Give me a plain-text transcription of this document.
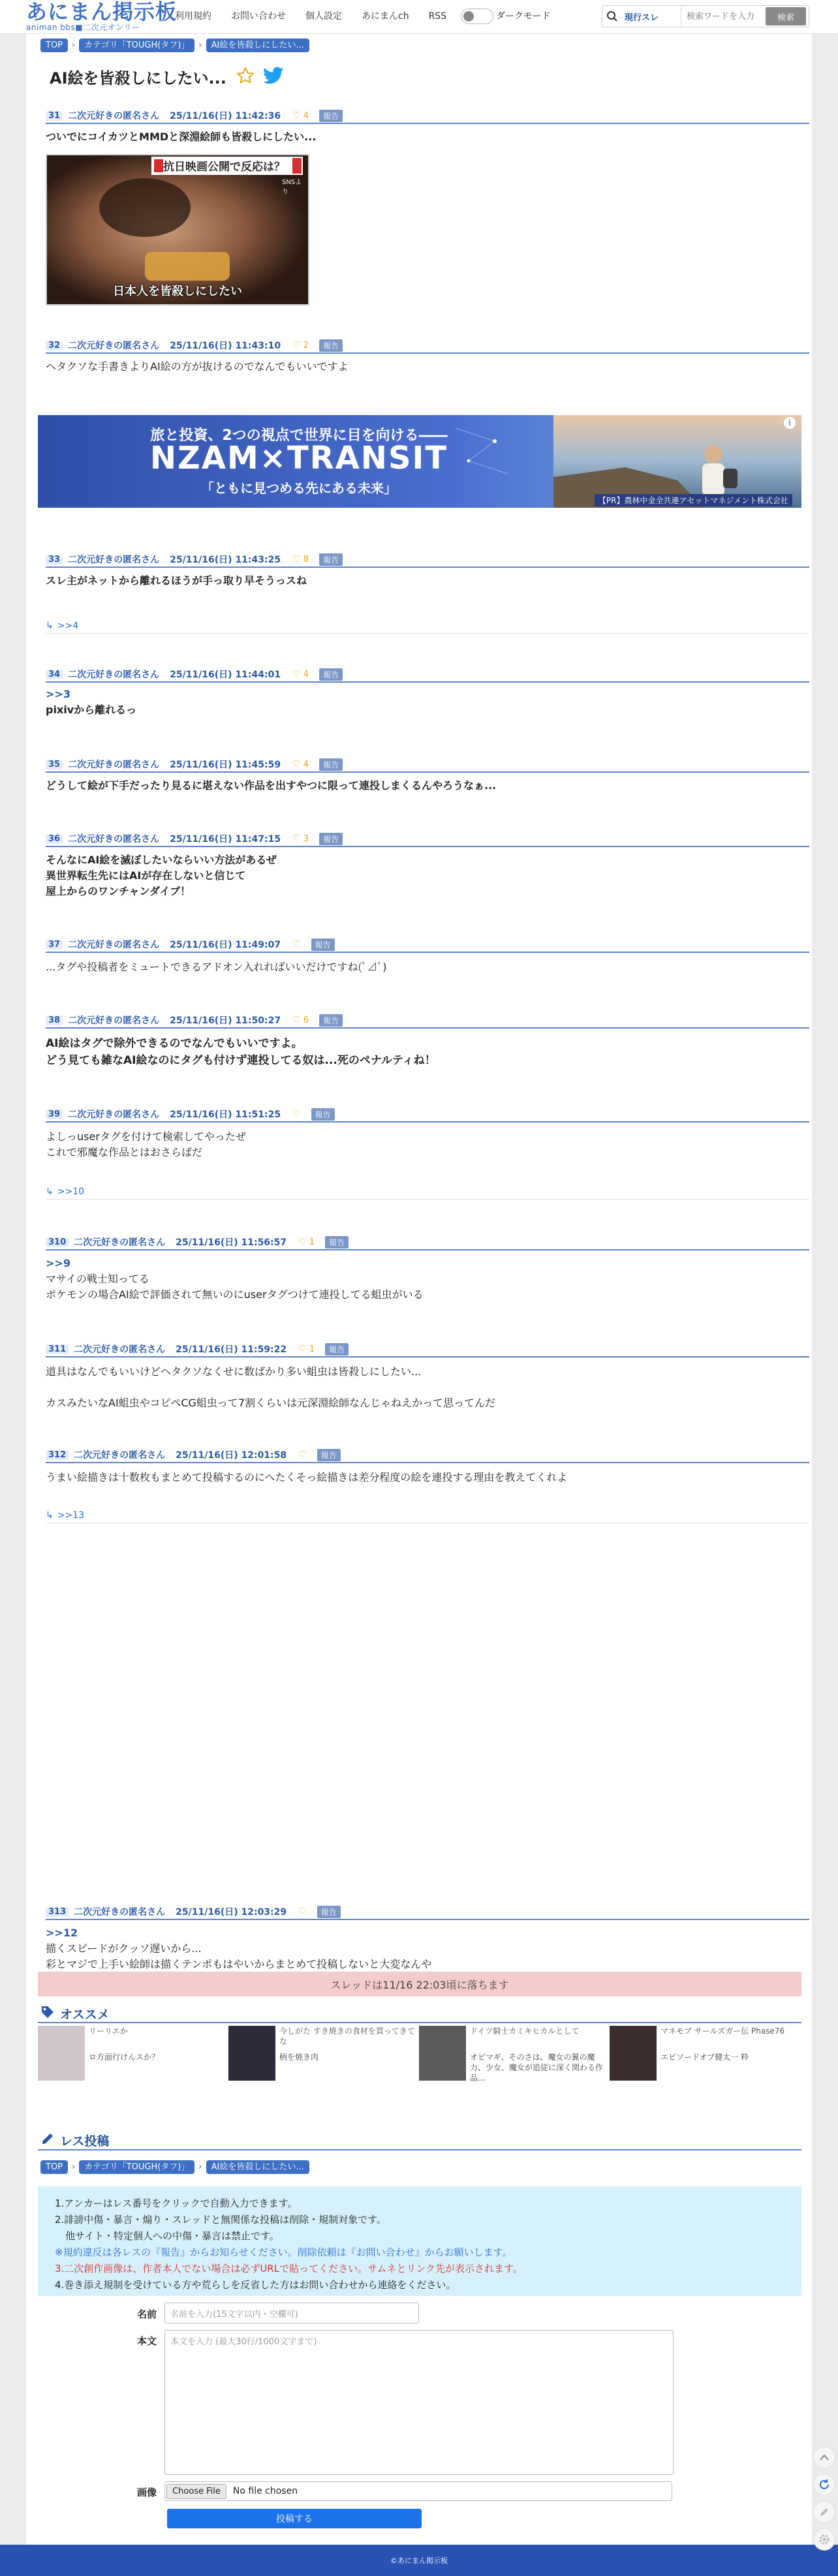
あにまん掲示板
animan bbs■二次元オンリー
利用規約 お問い合わせ 個人設定 あにまんch RSS	ダークモード	現行スレ
検索ワードを入力	検索
TOP	›	カテゴリ「TOUGH(タフ)」	›	AI絵を皆殺しにしたい...
AI絵を皆殺しにしたい...
31 二次元好きの匿名さん 25/11/16(日) 11:42:36 ♡ 4	報告
ついでにコイカツとMMDと深淵絵師も皆殺しにしたい...
抗日映画公開で反応は？
SNSより
日本人を皆殺しにしたい
32 二次元好きの匿名さん 25/11/16(日) 11:43:10 ♡ 2	報告
ヘタクソな手書きよりAI絵の方が抜けるのでなんでもいいですよ
i
旅と投資、2つの視点で世界に目を向ける――
NZAM×TRANSIT
「ともに見つめる先にある未来」
【PR】農林中金全共連アセットマネジメント株式会社
33 二次元好きの匿名さん 25/11/16(日) 11:43:25 ♡ 8	報告
スレ主がネットから離れるほうが手っ取り早そうっスね
↳ >>4
34 二次元好きの匿名さん 25/11/16(日) 11:44:01 ♡ 4	報告
>>3
pixivから離れるっ
35 二次元好きの匿名さん 25/11/16(日) 11:45:59 ♡ 4	報告
どうして絵が下手だったり見るに堪えない作品を出すやつに限って連投しまくるんやろうなぁ...
36 二次元好きの匿名さん 25/11/16(日) 11:47:15 ♡ 3	報告
そんなにAI絵を滅ぼしたいならいい方法があるぜ
異世界転生先にはAIが存在しないと信じて
屋上からのワンチャンダイブ！
37 二次元好きの匿名さん 25/11/16(日) 11:49:07 ♡	報告
...タグや投稿者をミュートできるアドオン入れればいいだけですね(ﾟ⊿ﾟ)
38 二次元好きの匿名さん 25/11/16(日) 11:50:27 ♡ 6	報告
AI絵はタグで除外できるのでなんでもいいですよ。
どう見ても雑なAI絵なのにタグも付けず連投してる奴は...死のペナルティね！
39 二次元好きの匿名さん 25/11/16(日) 11:51:25 ♡	報告
よしっuserタグを付けて検索してやったぜ
これで邪魔な作品とはおさらばだ
↳ >>10
310 二次元好きの匿名さん 25/11/16(日) 11:56:57 ♡ 1	報告
>>9
マサイの戦士知ってる
ポケモンの場合AI絵で評価されて無いのにuserタグつけて連投してる蛆虫がいる
311 二次元好きの匿名さん 25/11/16(日) 11:59:22 ♡ 1	報告
道具はなんでもいいけどヘタクソなくせに数ばかり多い蛆虫は皆殺しにしたい...
カスみたいなAI蛆虫やコピペCG蛆虫って7割くらいは元深淵絵師なんじゃねえかって思ってんだ
312 二次元好きの匿名さん 25/11/16(日) 12:01:58 ♡	報告
うまい絵描きは十数枚もまとめて投稿するのにへたくそっ絵描きは差分程度の絵を連投する理由を教えてくれよ
↳ >>13
313 二次元好きの匿名さん 25/11/16(日) 12:03:29 ♡	報告
>>12
描くスピードがクッソ遅いから...
彩とマジで上手い絵師は描くテンポもはやいからまとめて投稿しないと大変なんや
スレッドは11/16 22:03頃に落ちます
オススメ
リーリエか
ロ方面行けんスか？
今しがた すき焼きの食材を買ってきてな
柄を焼き肉
ドイツ騎士カミキヒカルとして
オビマギ、そのさは、魔女の翼の魔力、少女、魔女が追従に深く関わる作品...
マネモブ サールズガー伝 Phase76
エピソードオブ健太一 粋
レス投稿
TOP	›	カテゴリ「TOUGH(タフ)」	›	AI絵を皆殺しにしたい...
1.アンカーはレス番号をクリックで自動入力できます。
2.誹謗中傷・暴言・煽り・スレッドと無関係な投稿は削除・規制対象です。
他サイト・特定個人への中傷・暴言は禁止です。
※規約違反は各レスの『報告』からお知らせください。削除依頼は『お問い合わせ』からお願いします。
3.二次創作画像は、作者本人でない場合は必ずURLで貼ってください。サムネとリンク先が表示されます。
4.巻き添え規制を受けている方や荒らしを反省した方はお問い合わせから連絡をください。
名前	名前を入力(15文字以内・空欄可)
本文	本文を入力 (最大30行/1000文字まで)
画像	Choose File	No file chosen
投稿する
©あにまん掲示板
